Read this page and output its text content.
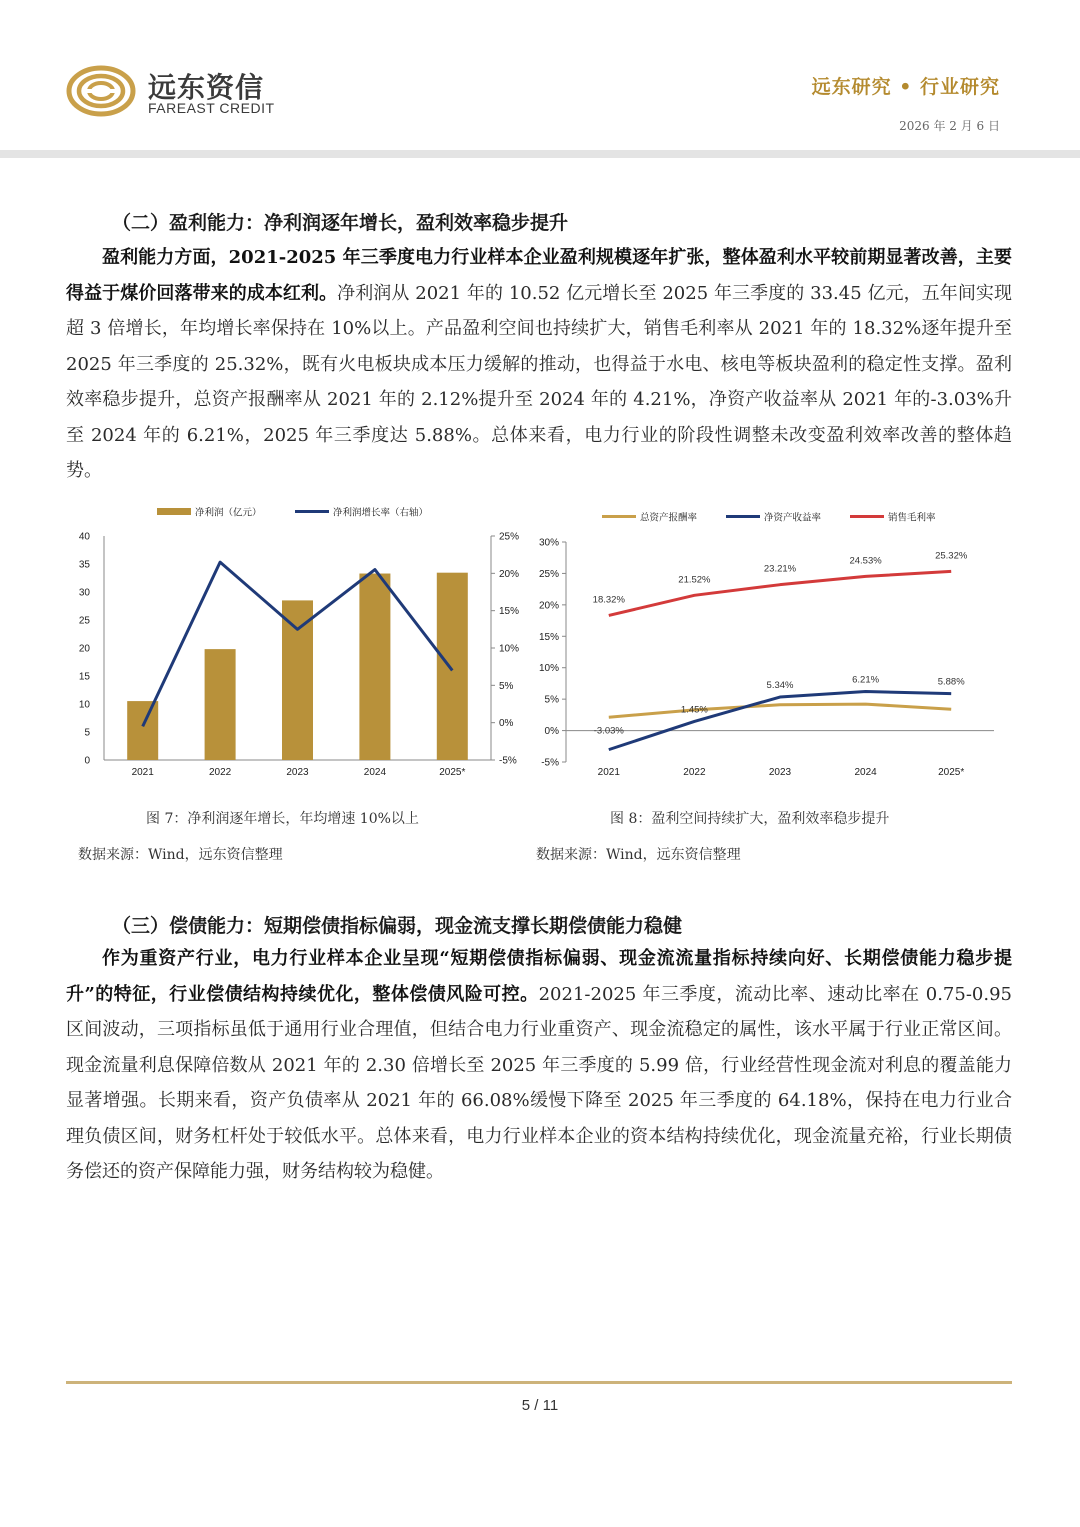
远东资信
FAREAST CREDIT
远东研究 • 行业研究
2026 年 2 月 6 日
（二）盈利能力：净利润逐年增长，盈利效率稳步提升

盈利能力方面，2021-2025 年三季度电力行业样本企业盈利规模逐年扩张，整体盈利水平较前期显著改善，主要得益于煤价回落带来的成本红利。净利润从 2021 年的 10.52 亿元增长至 2025 年三季度的 33.45 亿元，五年间实现超 3 倍增长，年均增长率保持在 10%以上。产品盈利空间也持续扩大，销售毛利率从 2021 年的 18.32%逐年提升至 2025 年三季度的 25.32%，既有火电板块成本压力缓解的推动，也得益于水电、核电等板块盈利的稳定性支撑。盈利效率稳步提升，总资产报酬率从 2021 年的 2.12%提升至 2024 年的 4.21%，净资产收益率从 2021 年的-3.03%升至 2024 年的 6.21%，2025 年三季度达 5.88%。总体来看，电力行业的阶段性调整未改变盈利效率改善的整体趋势。

净利润（亿元）	净利润增长率（右轴）
0
5
10
15
20
25
30
35
40
-5%
0%
5%
10%
15%
20%
25%
2021	2022	2023	2024	2025*
图 7：净利润逐年增长，年均增速 10%以上
数据来源：Wind，远东资信整理
总资产报酬率	净资产收益率	销售毛利率
-3.03%
1.45%
5.34%	6.21%	5.88%
18.32%
21.52%
23.21%
24.53%	25.32%
-5%
0%
5%
10%
15%
20%
25%
30%
2021	2022	2023	2024	2025*
图 8：盈利空间持续扩大，盈利效率稳步提升
数据来源：Wind，远东资信整理
（三）偿债能力：短期偿债指标偏弱，现金流支撑长期偿债能力稳健

作为重资产行业，电力行业样本企业呈现“短期偿债指标偏弱、现金流流量指标持续向好、长期偿债能力稳步提升”的特征，行业偿债结构持续优化，整体偿债风险可控。2021-2025 年三季度，流动比率、速动比率在 0.75-0.95 区间波动，三项指标虽低于通用行业合理值，但结合电力行业重资产、现金流稳定的属性，该水平属于行业正常区间。现金流量利息保障倍数从 2021 年的 2.30 倍增长至 2025 年三季度的 5.99 倍，行业经营性现金流对利息的覆盖能力显著增强。长期来看，资产负债率从 2021 年的 66.08%缓慢下降至 2025 年三季度的 64.18%，保持在电力行业合理负债区间，财务杠杆处于较低水平。总体来看，电力行业样本企业的资本结构持续优化，现金流量充裕，行业长期债务偿还的资产保障能力强，财务结构较为稳健。

5 / 11
